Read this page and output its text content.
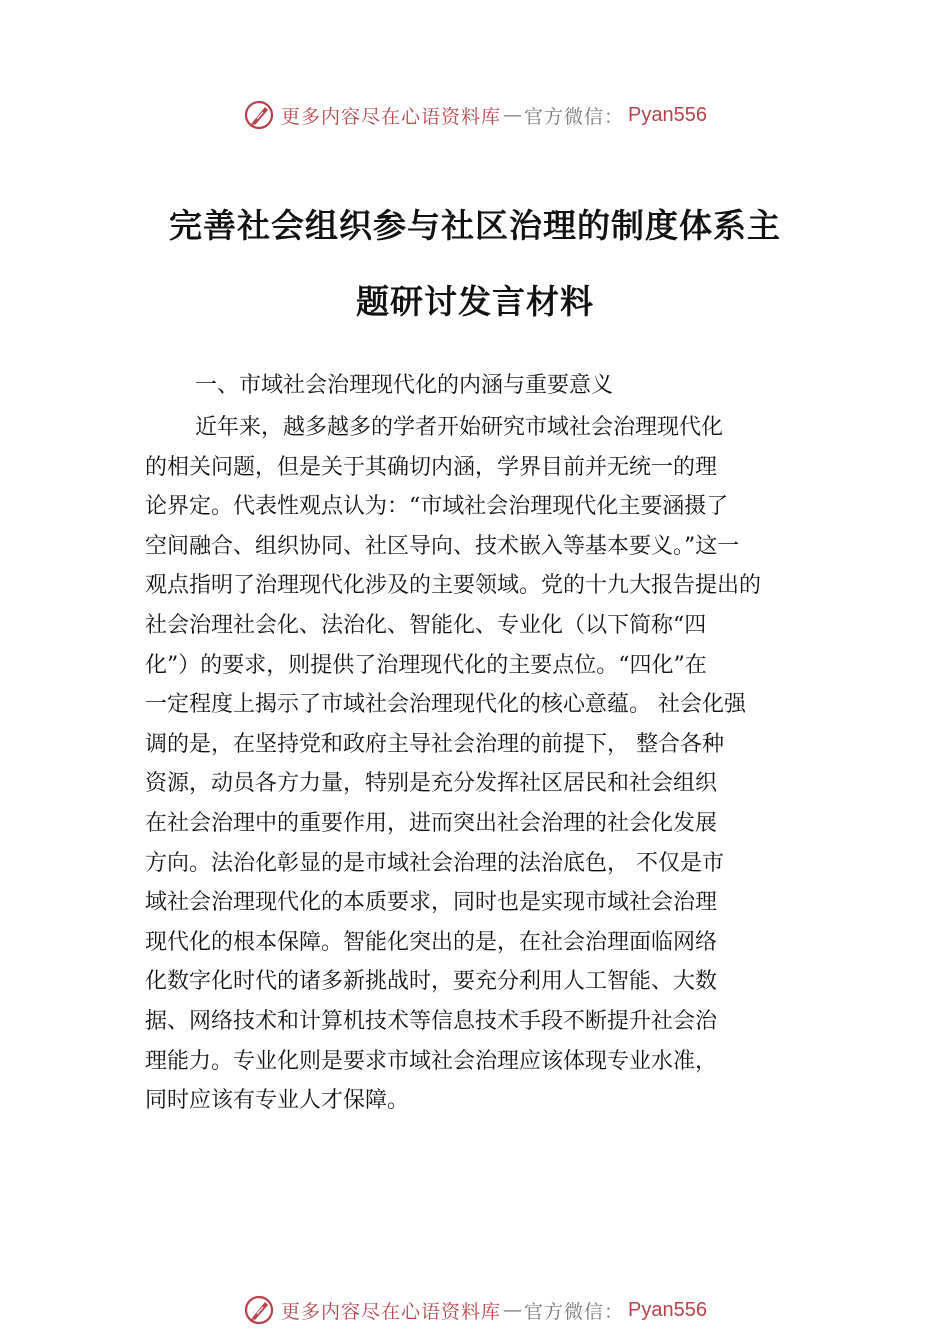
更多内容尽在心语资料库 — 官方微信： Pyan556
完善社会组织参与社区治理的制度体系主
题研讨发言材料
一、市域社会治理现代化的内涵与重要意义
近年来，越多越多的学者开始研究市域社会治理现代化
的相关问题，但是关于其确切内涵，学界目前并无统一的理
论界定。代表性观点认为：“市域社会治理现代化主要涵摄了
空间融合、组织协同、社区导向、技术嵌入等基本要义。”这一
观点指明了治理现代化涉及的主要领域。党的十九大报告提出的
社会治理社会化、法治化、智能化、专业化（以下简称“四
化”）的要求，则提供了治理现代化的主要点位。“四化”在
一定程度上揭示了市域社会治理现代化的核心意蕴。 社会化强
调的是，在坚持党和政府主导社会治理的前提下， 整合各种
资源，动员各方力量，特别是充分发挥社区居民和社会组织
在社会治理中的重要作用，进而突出社会治理的社会化发展
方向。法治化彰显的是市域社会治理的法治底色， 不仅是市
域社会治理现代化的本质要求，同时也是实现市域社会治理
现代化的根本保障。智能化突出的是，在社会治理面临网络
化数字化时代的诸多新挑战时，要充分利用人工智能、大数
据、网络技术和计算机技术等信息技术手段不断提升社会治
理能力。专业化则是要求市域社会治理应该体现专业水准，
同时应该有专业人才保障。
更多内容尽在心语资料库 — 官方微信： Pyan556
